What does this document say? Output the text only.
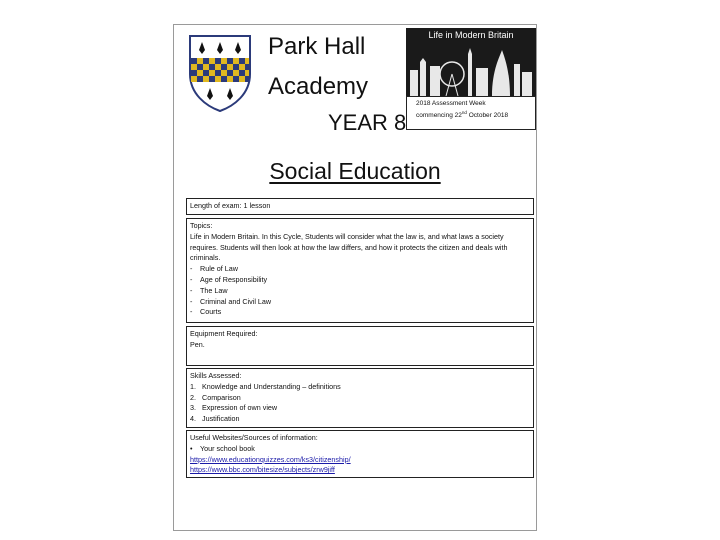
Park Hall
Academy
YEAR 8
Life in Modern Britain
2018 Assessment Week
commencing 22nd October 2018
Social Education

Length of exam: 1 lesson

Topics:

Life in Modern Britain. In this Cycle, Students will consider what the law is, and what laws a society requires. Students will then look at how the law differs, and how it protects the citizen and deals with criminals.

- Rule of Law
- Age of Responsibility
- The Law
- Criminal and Civil Law
- Courts

Equipment Required:

Pen.

Skills Assessed:

1. Knowledge and Understanding – definitions
2. Comparison
3. Expression of own view
4. Justification

Useful Websites/Sources of information:

• Your school book

https://www.educationquizzes.com/ks3/citizenship/

https://www.bbc.com/bitesize/subjects/zrw9jiff
